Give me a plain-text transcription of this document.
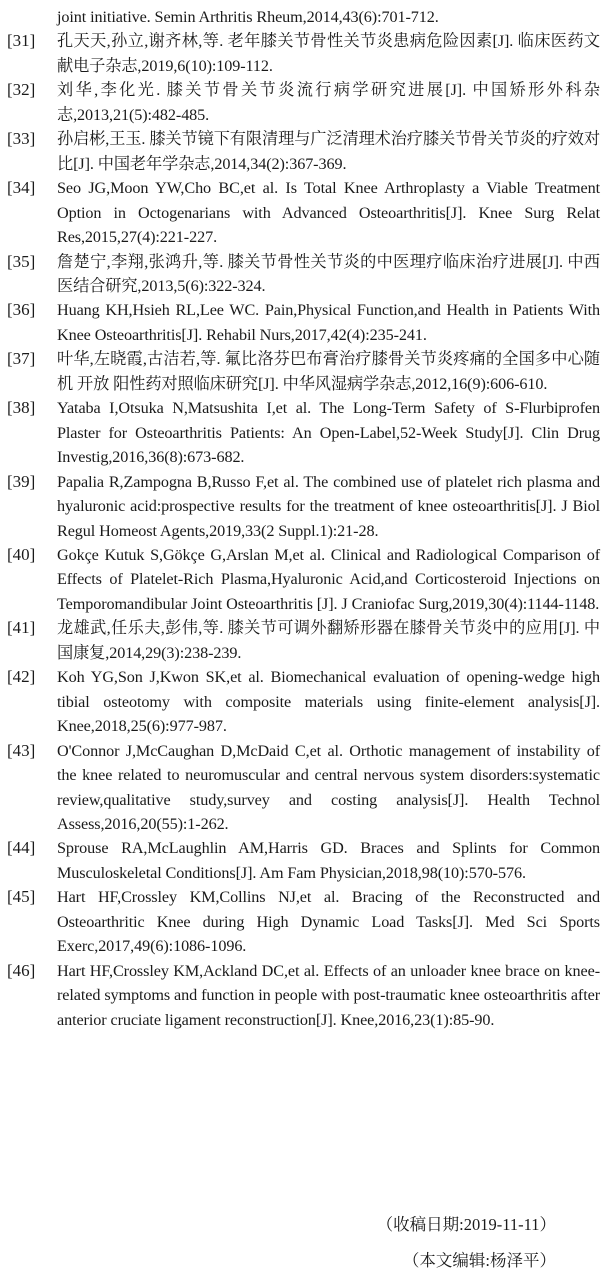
joint initiative. Semin Arthritis Rheum,2014,43(6):701-712.
[31] 孔天天,孙立,谢齐林,等. 老年膝关节骨性关节炎患病危险因素[J]. 临床医药文献电子杂志,2019,6(10):109-112.
[32] 刘华,李化光. 膝关节骨关节炎流行病学研究进展[J]. 中国矫形外科杂志,2013,21(5):482-485.
[33] 孙启彬,王玉. 膝关节镜下有限清理与广泛清理术治疗膝关节骨关节炎的疗效对比[J]. 中国老年学杂志,2014,34(2):367-369.
[34] Seo JG,Moon YW,Cho BC,et al. Is Total Knee Arthroplasty a Viable Treatment Option in Octogenarians with Advanced Osteoarthritis[J]. Knee Surg Relat Res,2015,27(4):221-227.
[35] 詹楚宁,李翔,张鸿升,等. 膝关节骨性关节炎的中医理疗临床治疗进展[J]. 中西医结合研究,2013,5(6):322-324.
[36] Huang KH,Hsieh RL,Lee WC. Pain,Physical Function,and Health in Patients With Knee Osteoarthritis[J]. Rehabil Nurs,2017,42(4):235-241.
[37] 叶华,左晓霞,古洁若,等. 氟比洛芬巴布膏治疗膝骨关节炎疼痛的全国多中心随机 开放 阳性药对照临床研究[J]. 中华风湿病学杂志,2012,16(9):606-610.
[38] Yataba I,Otsuka N,Matsushita I,et al. The Long-Term Safety of S-Flurbiprofen Plaster for Osteoarthritis Patients: An Open-Label,52-Week Study[J]. Clin Drug Investig,2016,36(8):673-682.
[39] Papalia R,Zampogna B,Russo F,et al. The combined use of platelet rich plasma and hyaluronic acid:prospective results for the treatment of knee osteoarthritis[J]. J Biol Regul Homeost Agents,2019,33(2 Suppl.1):21-28.
[40] Gokçe Kutuk S,Gökçe G,Arslan M,et al. Clinical and Radiological Comparison of Effects of Platelet-Rich Plasma,Hyaluronic Acid,and Corticosteroid Injections on Temporomandibular Joint Osteoarthritis [J]. J Craniofac Surg,2019,30(4):1144-1148.
[41] 龙雄武,任乐夫,彭伟,等. 膝关节可调外翻矫形器在膝骨关节炎中的应用[J]. 中国康复,2014,29(3):238-239.
[42] Koh YG,Son J,Kwon SK,et al. Biomechanical evaluation of opening-wedge high tibial osteotomy with composite materials using finite-element analysis[J]. Knee,2018,25(6):977-987.
[43] O'Connor J,McCaughan D,McDaid C,et al. Orthotic management of instability of the knee related to neuromuscular and central nervous system disorders:systematic review,qualitative study,survey and costing analysis[J]. Health Technol Assess,2016,20(55):1-262.
[44] Sprouse RA,McLaughlin AM,Harris GD. Braces and Splints for Common Musculoskeletal Conditions[J]. Am Fam Physician,2018,98(10):570-576.
[45] Hart HF,Crossley KM,Collins NJ,et al. Bracing of the Reconstructed and Osteoarthritic Knee during High Dynamic Load Tasks[J]. Med Sci Sports Exerc,2017,49(6):1086-1096.
[46] Hart HF,Crossley KM,Ackland DC,et al. Effects of an unloader knee brace on knee-related symptoms and function in people with post-traumatic knee osteoarthritis after anterior cruciate ligament reconstruction[J]. Knee,2016,23(1):85-90.
（收稿日期:2019-11-11）
（本文编辑:杨泽平）
